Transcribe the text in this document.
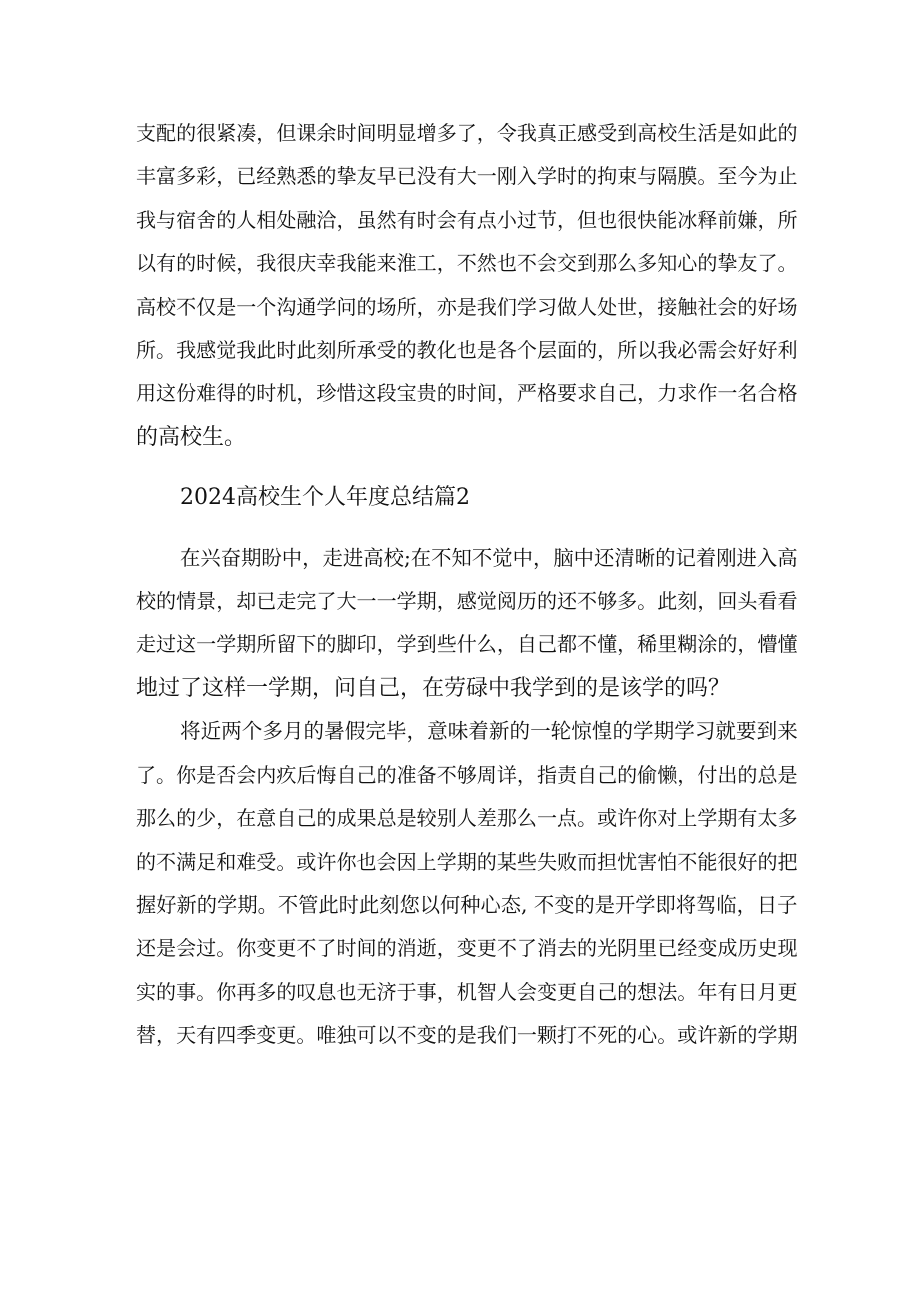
支配的很紧凑，但课余时间明显增多了，令我真正感受到高校生活是如此的
丰富多彩，已经熟悉的挚友早已没有大一刚入学时的拘束与隔膜。至今为止
我与宿舍的人相处融洽，虽然有时会有点小过节，但也很快能冰释前嫌，所
以有的时候，我很庆幸我能来淮工，不然也不会交到那么多知心的挚友了。
高校不仅是一个沟通学问的场所，亦是我们学习做人处世，接触社会的好场
所。我感觉我此时此刻所承受的教化也是各个层面的，所以我必需会好好利
用这份难得的时机，珍惜这段宝贵的时间，严格要求自己，力求作一名合格
的高校生。

2024高校生个人年度总结篇2

在兴奋期盼中，走进高校;在不知不觉中，脑中还清晰的记着刚进入高
校的情景，却已走完了大一一学期，感觉阅历的还不够多。此刻，回头看看
走过这一学期所留下的脚印，学到些什么，自己都不懂，稀里糊涂的，懵懂
地过了这样一学期，问自己，在劳碌中我学到的是该学的吗？

将近两个多月的暑假完毕，意味着新的一轮惊惶的学期学习就要到来
了。你是否会内疚后悔自己的准备不够周详，指责自己的偷懒，付出的总是
那么的少，在意自己的成果总是较别人差那么一点。或许你对上学期有太多
的不满足和难受。或许你也会因上学期的某些失败而担忧害怕不能很好的把
握好新的学期。不管此时此刻您以何种心态, 不变的是开学即将驾临，日子
还是会过。你变更不了时间的消逝，变更不了消去的光阴里已经变成历史现
实的事。你再多的叹息也无济于事，机智人会变更自己的想法。年有日月更
替，天有四季变更。唯独可以不变的是我们一颗打不死的心。或许新的学期
